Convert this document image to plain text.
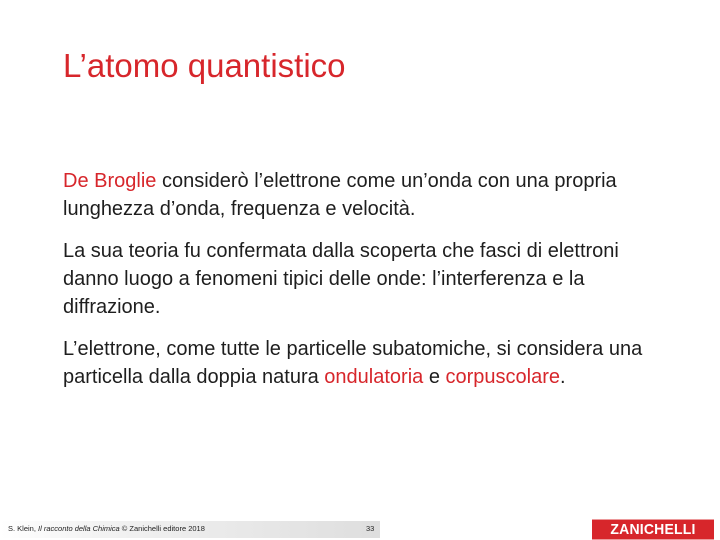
L’atomo quantistico

De Broglie considerò l’elettrone come un’onda con una propria lunghezza d’onda, frequenza e velocità.

La sua teoria fu confermata dalla scoperta che fasci di elettroni danno luogo a fenomeni tipici delle onde: l’interferenza e la diffrazione.

L’elettrone, come tutte le particelle subatomiche, si considera una particella dalla doppia natura ondulatoria e corpuscolare.

S. Klein, Il racconto della Chimica © Zanichelli editore 2018	33	ZANICHELLI
